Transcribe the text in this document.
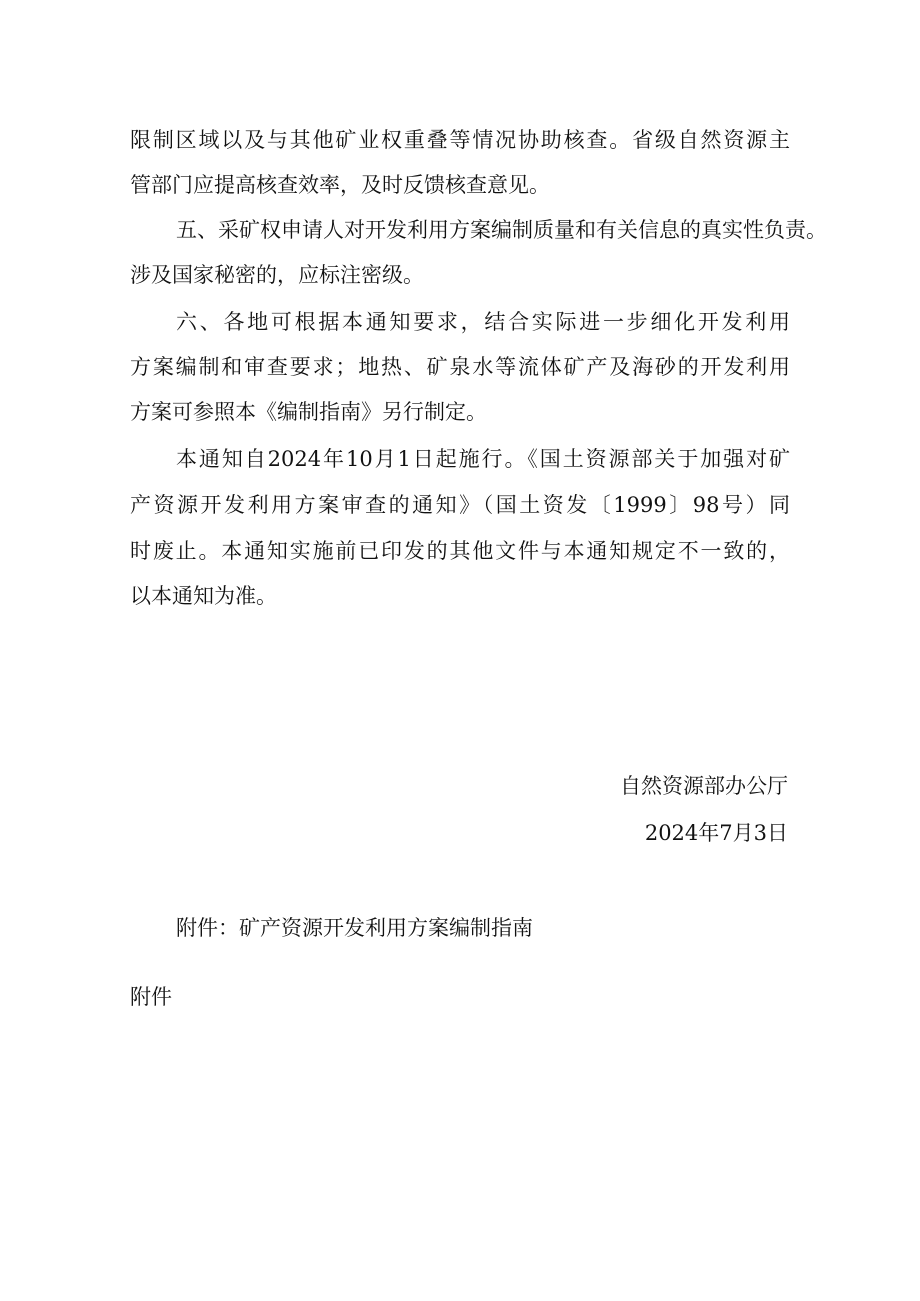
限制区域以及与其他矿业权重叠等情况协助核查。省级自然资源主
管部门应提高核查效率，及时反馈核查意见。
五、采矿权申请人对开发利用方案编制质量和有关信息的真实性负责。
涉及国家秘密的，应标注密级。
六、各地可根据本通知要求，结合实际进一步细化开发利用
方案编制和审查要求；地热、矿泉水等流体矿产及海砂的开发利用
方案可参照本《编制指南》另行制定。
本通知自2024年10月1日起施行。《国土资源部关于加强对矿
产资源开发利用方案审查的通知》（国土资发〔1999〕98号）同
时废止。本通知实施前已印发的其他文件与本通知规定不一致的，
以本通知为准。
自然资源部办公厅
2024年7月3日
附件：矿产资源开发利用方案编制指南
附件
